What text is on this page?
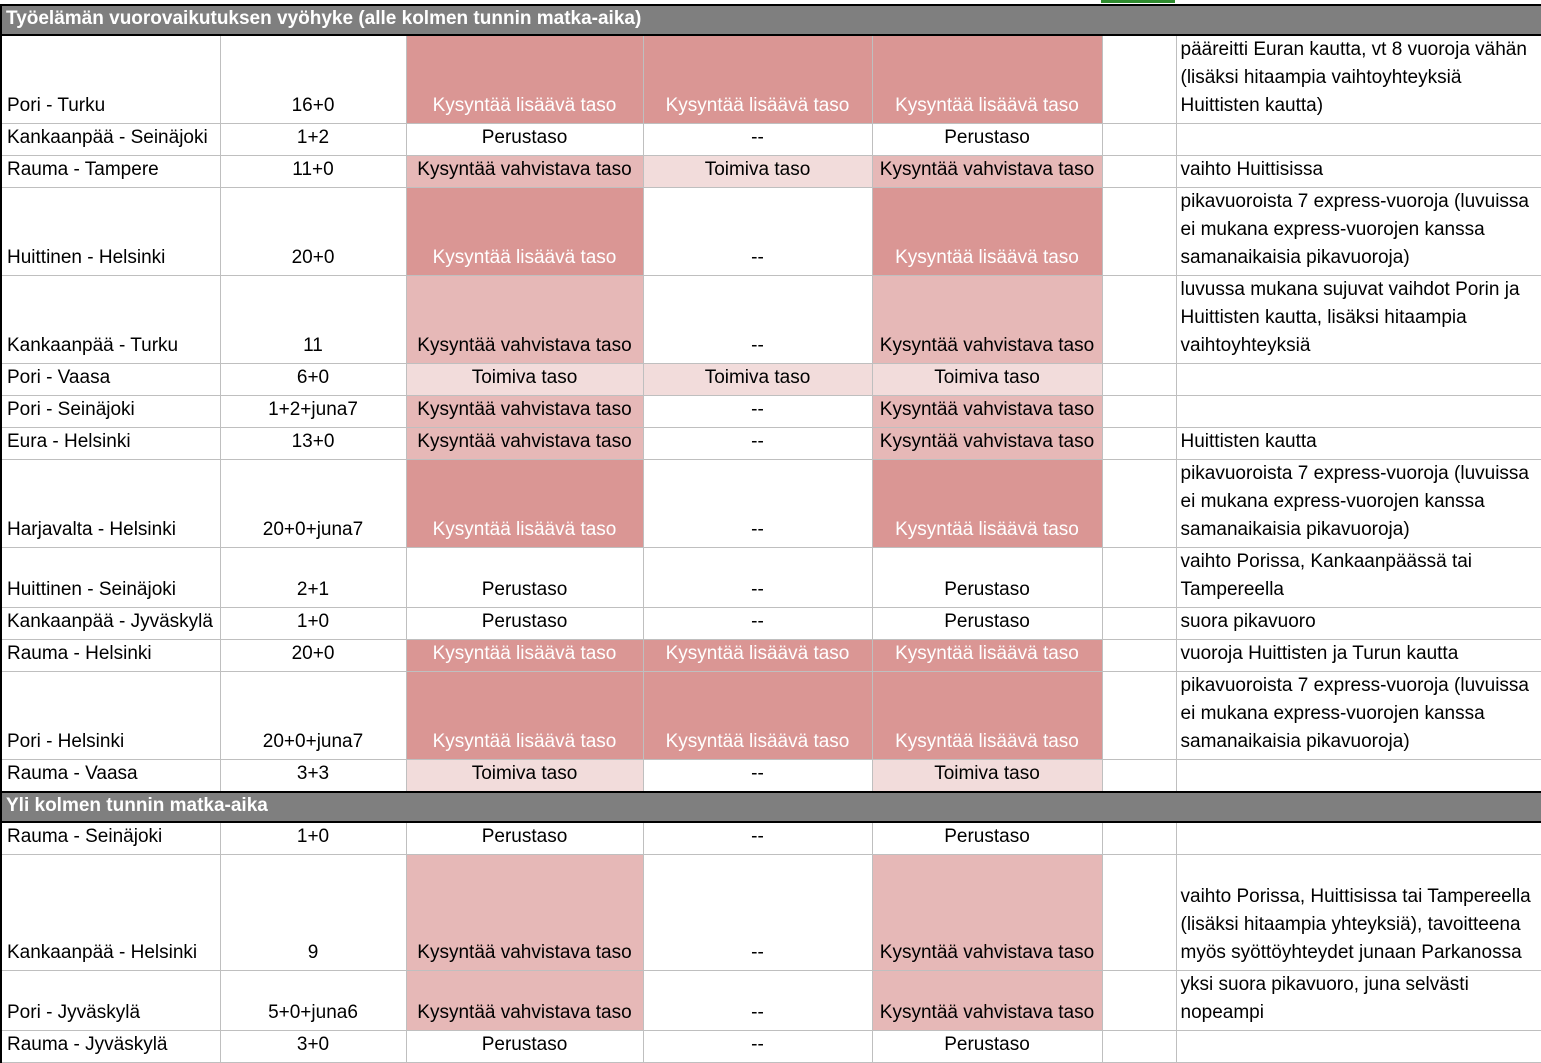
Työelämän vuorovaikutuksen vyöhyke (alle kolmen tunnin matka-aika)						
Pori - Turku	16+0	Kysyntää lisäävä taso	Kysyntää lisäävä taso	Kysyntää lisäävä taso		pääreitti Euran kautta, vt 8 vuoroja vähän (lisäksi hitaampia vaihtoyhteyksiä Huittisten kautta)
Kankaanpää - Seinäjoki	1+2	Perustaso	--	Perustaso		
Rauma - Tampere	11+0	Kysyntää vahvistava taso	Toimiva taso	Kysyntää vahvistava taso		vaihto Huittisissa
Huittinen - Helsinki	20+0	Kysyntää lisäävä taso	--	Kysyntää lisäävä taso		pikavuoroista 7 express-vuoroja (luvuissa ei mukana express-vuorojen kanssa samanaikaisia pikavuoroja)
Kankaanpää - Turku	11	Kysyntää vahvistava taso	--	Kysyntää vahvistava taso		luvussa mukana sujuvat vaihdot Porin ja Huittisten kautta, lisäksi hitaampia vaihtoyhteyksiä
Pori - Vaasa	6+0	Toimiva taso	Toimiva taso	Toimiva taso		
Pori - Seinäjoki	1+2+juna7	Kysyntää vahvistava taso	--	Kysyntää vahvistava taso		
Eura - Helsinki	13+0	Kysyntää vahvistava taso	--	Kysyntää vahvistava taso		Huittisten kautta
Harjavalta - Helsinki	20+0+juna7	Kysyntää lisäävä taso	--	Kysyntää lisäävä taso		pikavuoroista 7 express-vuoroja (luvuissa ei mukana express-vuorojen kanssa samanaikaisia pikavuoroja)
Huittinen - Seinäjoki	2+1	Perustaso	--	Perustaso		vaihto Porissa, Kankaanpäässä tai Tampereella
Kankaanpää - Jyväskylä	1+0	Perustaso	--	Perustaso		suora pikavuoro
Rauma - Helsinki	20+0	Kysyntää lisäävä taso	Kysyntää lisäävä taso	Kysyntää lisäävä taso		vuoroja Huittisten ja Turun kautta
Pori - Helsinki	20+0+juna7	Kysyntää lisäävä taso	Kysyntää lisäävä taso	Kysyntää lisäävä taso		pikavuoroista 7 express-vuoroja (luvuissa ei mukana express-vuorojen kanssa samanaikaisia pikavuoroja)
Rauma - Vaasa	3+3	Toimiva taso	--	Toimiva taso		
Yli kolmen tunnin matka-aika						
Rauma - Seinäjoki	1+0	Perustaso	--	Perustaso		
Kankaanpää - Helsinki	9	Kysyntää vahvistava taso	--	Kysyntää vahvistava taso		vaihto Porissa, Huittisissa tai Tampereella (lisäksi hitaampia yhteyksiä), tavoitteena myös syöttöyhteydet junaan Parkanossa
Pori - Jyväskylä	5+0+juna6	Kysyntää vahvistava taso	--	Kysyntää vahvistava taso		yksi suora pikavuoro, juna selvästi nopeampi
Rauma - Jyväskylä	3+0	Perustaso	--	Perustaso		
